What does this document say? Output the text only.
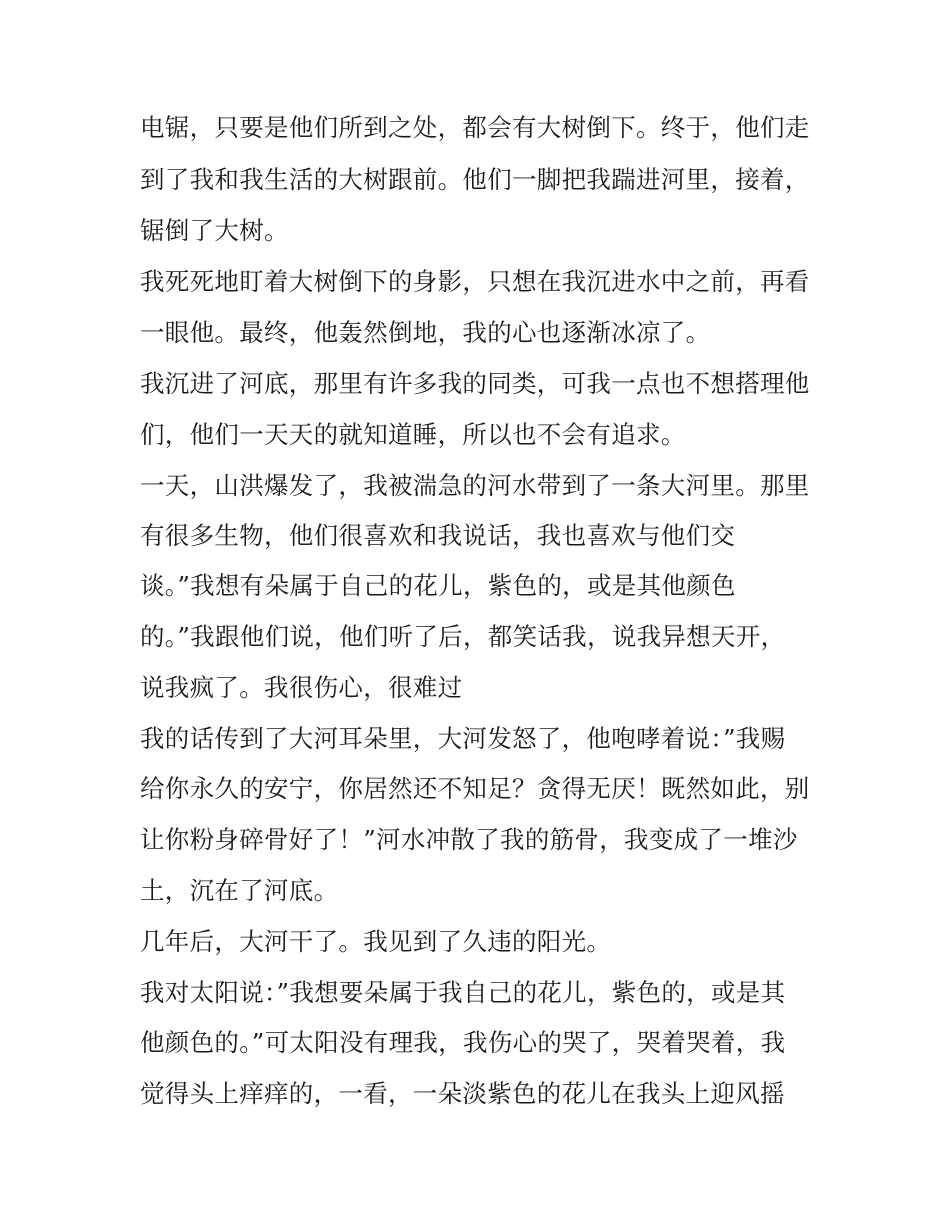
电锯，只要是他们所到之处，都会有大树倒下。终于，他们走
到了我和我生活的大树跟前。他们一脚把我踹进河里，接着，
锯倒了大树。
我死死地盯着大树倒下的身影，只想在我沉进水中之前，再看
一眼他。最终，他轰然倒地，我的心也逐渐冰凉了。
我沉进了河底，那里有许多我的同类，可我一点也不想搭理他
们，他们一天天的就知道睡，所以也不会有追求。
一天，山洪爆发了，我被湍急的河水带到了一条大河里。那里
有很多生物，他们很喜欢和我说话，我也喜欢与他们交
谈。”我想有朵属于自己的花儿，紫色的，或是其他颜色
的。”我跟他们说，他们听了后，都笑话我，说我异想天开，
说我疯了。我很伤心，很难过
我的话传到了大河耳朵里，大河发怒了，他咆哮着说：”我赐
给你永久的安宁，你居然还不知足？贪得无厌！既然如此，别
让你粉身碎骨好了！”河水冲散了我的筋骨，我变成了一堆沙
土，沉在了河底。
几年后，大河干了。我见到了久违的阳光。
我对太阳说：”我想要朵属于我自己的花儿，紫色的，或是其
他颜色的。”可太阳没有理我，我伤心的哭了，哭着哭着，我
觉得头上痒痒的，一看，一朵淡紫色的花儿在我头上迎风摇
